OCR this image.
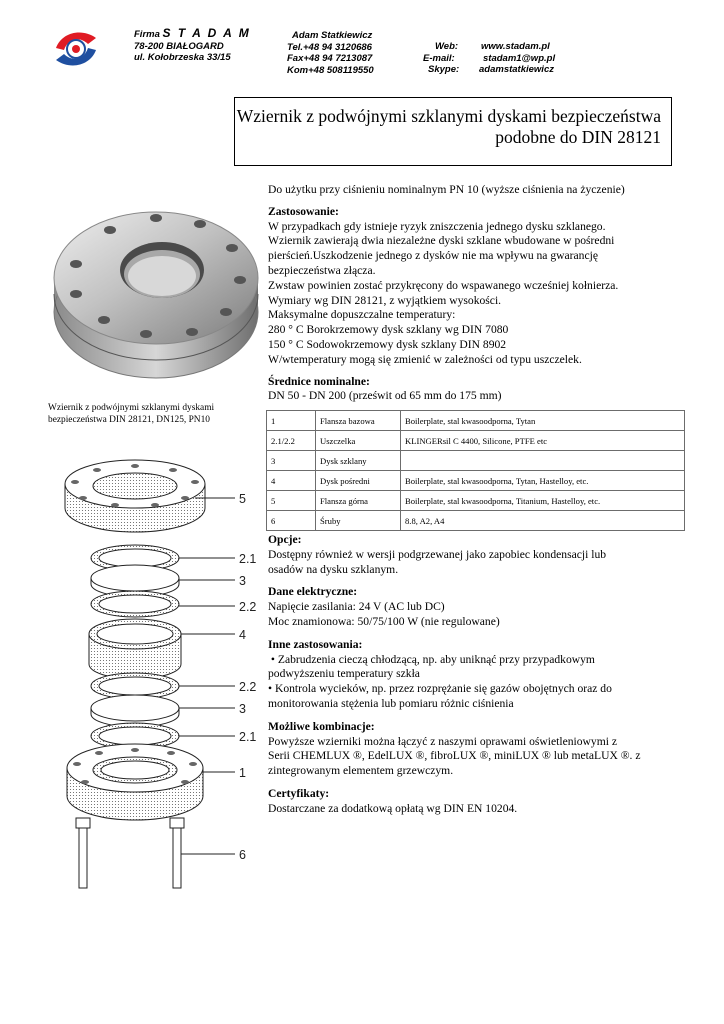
Firma S T A D A M
78-200 BIAŁOGARD
ul. Kołobrzeska 33/15
Adam Statkiewicz
Tel.+48 94 3120686
Fax+48 94 7213087
Kom+48 508119550
Web: www.stadam.pl
E-mail:	stadam1@wp.pl
Skype: adamstatkiewicz
Wziernik z podwójnymi szklanymi dyskami bezpieczeństwa
podobne do DIN 28121
Wziernik z podwójnymi szklanymi dyskami
bezpieczeństwa DIN 28121, DN125, PN10
5
2.1
3
2.2
4
2.2
3
2.1
1
6

Do użytku przy ciśnieniu nominalnym PN 10 (wyższe ciśnienia na życzenie)

Zastosowanie:

W przypadkach gdy istnieje ryzyk zniszczenia jednego dysku szklanego.

Wziernik zawierają dwia niezależne dyski szklane wbudowane w pośredni

pierścień.Uszkodzenie jednego z dysków nie ma wpływu na gwarancję

bezpieczeństwa złącza.

Zwstaw powinien zostać przykręcony do wspawanego wcześniej kołnierza.

Wymiary wg DIN 28121, z wyjątkiem wysokości.

Maksymalne dopuszczalne temperatury:

280 ° C Borokrzemowy dysk szklany wg DIN 7080

150 ° C Sodowokrzemowy dysk szklany DIN 8902

W/wtemperatury mogą się zmienić w zależności od typu uszczelek.

Średnice nominalne:

DN 50 - DN 200 (prześwit od 65 mm do 175 mm)

1	Flansza bazowa	Boilerplate, stal kwasoodporna, Tytan
2.1/2.2	Uszczelka	KLINGERsil C 4400, Silicone, PTFE etc
3	Dysk szklany	
4	Dysk pośredni	Boilerplate, stal kwasoodporna, Tytan, Hastelloy, etc.
5	Flansza górna	Boilerplate, stal kwasoodporna, Titanium, Hastelloy, etc.
6	Śruby	8.8, A2, A4

Opcje:

Dostępny również w wersji podgrzewanej jako zapobiec kondensacji lub

osadów na dysku szklanym.

Dane elektryczne:

Napięcie zasilania: 24 V (AC lub DC)

Moc znamionowa: 50/75/100 W (nie regulowane)

Inne zastosowania:

• Zabrudzenia cieczą chłodzącą, np. aby uniknąć przy przypadkowym

podwyższeniu temperatury szkła

• Kontrola wycieków, np. przez rozprężanie się gazów obojętnych oraz do

monitorowania stężenia lub pomiaru różnic ciśnienia

Możliwe kombinacje:

Powyższe wzierniki można łączyć z naszymi oprawami oświetleniowymi z

Serii CHEMLUX ®, EdelLUX ®, fibroLUX ®, miniLUX ® lub metaLUX ®. z

zintegrowanym elementem grzewczym.

Certyfikaty:

Dostarczane za dodatkową opłatą wg DIN EN 10204.
